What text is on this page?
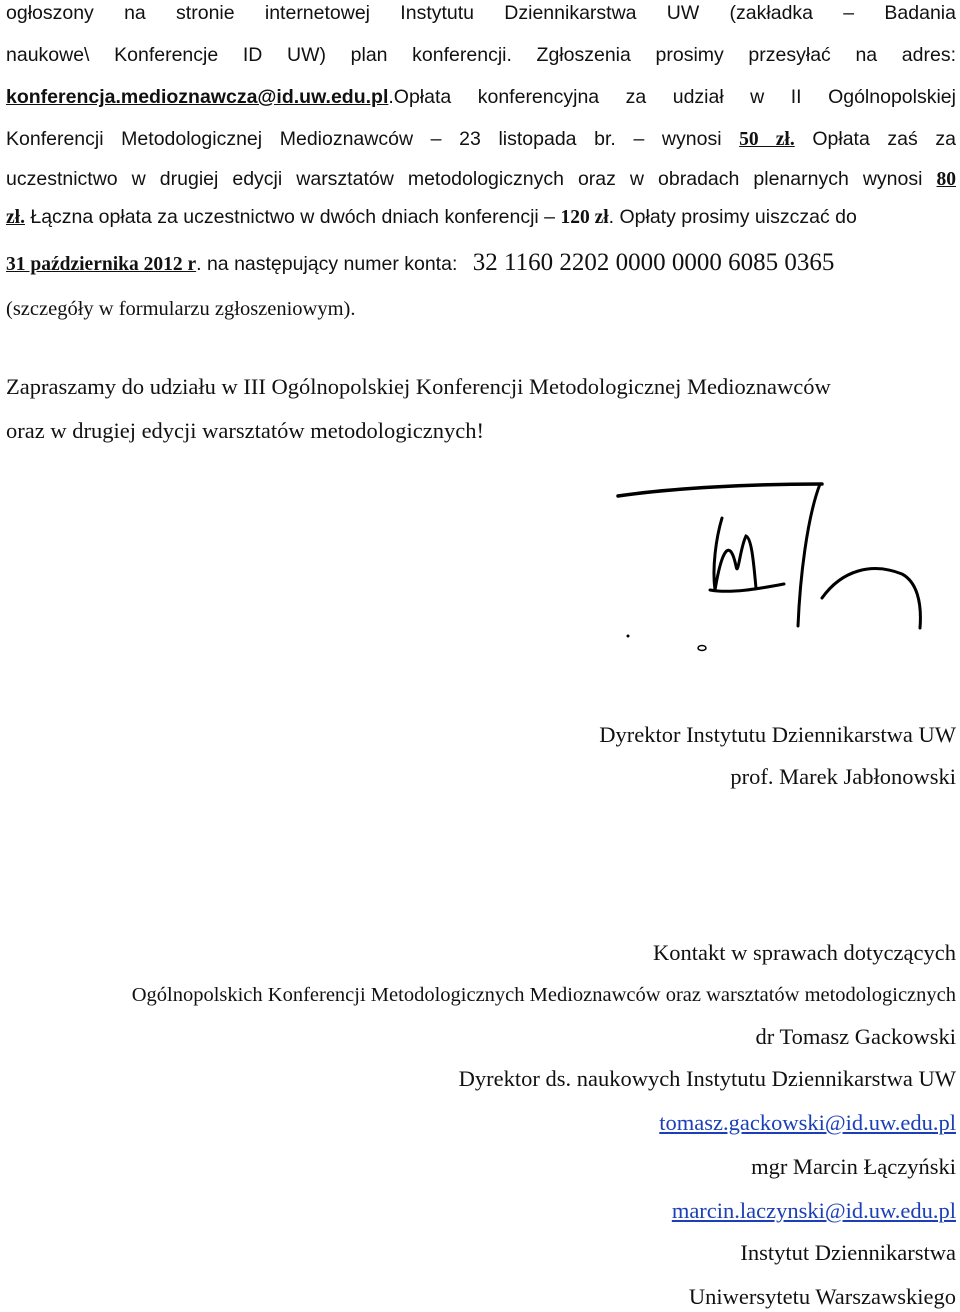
ogłoszony na stronie internetowej Instytutu Dziennikarstwa UW (zakładka – Badania
naukowe\ Konferencje ID UW) plan konferencji. Zgłoszenia prosimy przesyłać na adres:
konferencja.medioznawcza@id.uw.edu.pl.Opłata konferencyjna za udział w II Ogólnopolskiej
Konferencji Metodologicznej Medioznawców – 23 listopada br. – wynosi 50 zł. Opłata zaś za
uczestnictwo w drugiej edycji warsztatów metodologicznych oraz w obradach plenarnych wynosi 80
zł. Łączna opłata za uczestnictwo w dwóch dniach konferencji – 120 zł. Opłaty prosimy uiszczać do
31 października 2012 r. na następujący numer konta: 32 1160 2202 0000 0000 6085 0365
(szczegóły w formularzu zgłoszeniowym).
Zapraszamy do udziału w III Ogólnopolskiej Konferencji Metodologicznej Medioznawców
oraz w drugiej edycji warsztatów metodologicznych!
Dyrektor Instytutu Dziennikarstwa UW
prof. Marek Jabłonowski
Kontakt w sprawach dotyczących
Ogólnopolskich Konferencji Metodologicznych Medioznawców oraz warsztatów metodologicznych
dr Tomasz Gackowski
Dyrektor ds. naukowych Instytutu Dziennikarstwa UW
tomasz.gackowski@id.uw.edu.pl
mgr Marcin Łączyński
marcin.laczynski@id.uw.edu.pl
Instytut Dziennikarstwa
Uniwersytetu Warszawskiego
